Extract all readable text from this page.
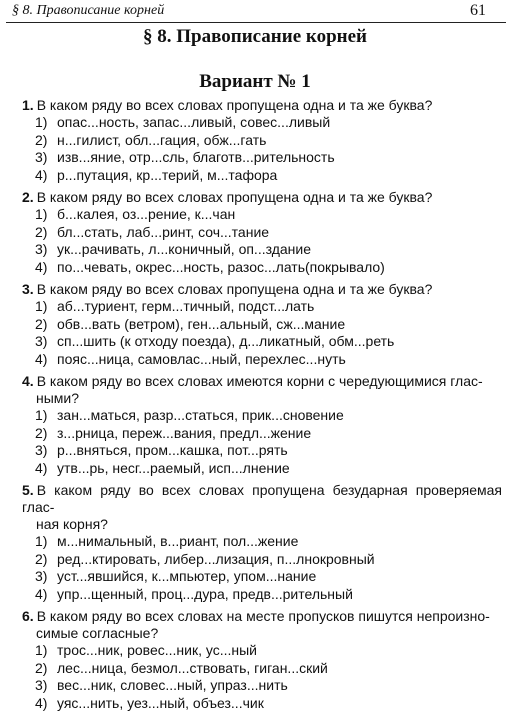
§ 8. Правописание корней	61
§ 8. Правописание корней
Вариант № 1
1. В каком ряду во всех словах пропущена одна и та же буква?
1) опас...ность, запас...ливый, совес...ливый
2) н...гилист, обл...гация, обж...гать
3) изв...яние, отр...сль, благотв...рительность
4) р...путация, кр...терий, м...тафора
2. В каком ряду во всех словах пропущена одна и та же буква?
1) б...калея, оз...рение, к...чан
2) бл...стать, лаб...ринт, соч...тание
3) ук...рачивать, л...коничный, оп...здание
4) по...чевать, окрес...ность, разос...лать(покрывало)
3. В каком ряду во всех словах пропущена одна и та же буква?
1) аб...туриент, герм...тичный, подст...лать
2) обв...вать (ветром), ген...альный, сж...мание
3) сп...шить (к отходу поезда), д...ликатный, обм...реть
4) пояс...ница, самовлас...ный, перехлес...нуть
4. В каком ряду во всех словах имеются корни с чередующимися глас-
ными?
1) зан...маться, разр...статься, прик...сновение
2) з...рница, переж...вания, предл...жение
3) р...вняться, пром...кашка, пот...рять
4) утв...рь, несг...раемый, исп...лнение
5. В каком ряду во всех словах пропущена безударная проверяемая глас-
ная корня?
1) м...нимальный, в...риант, пол...жение
2) ред...ктировать, либер...лизация, п...лнокровный
3) уст...явшийся, к...мпьютер, упом...нание
4) упр...щенный, проц...дура, предв...рительный
6. В каком ряду во всех словах на месте пропусков пишутся непроизно-
симые согласные?
1) трос...ник, ровес...ник, ус...ный
2) лес...ница, безмол...ствовать, гиган...ский
3) вес...ник, словес...ный, упраз...нить
4) уяс...нить, уез...ный, объез...чик
